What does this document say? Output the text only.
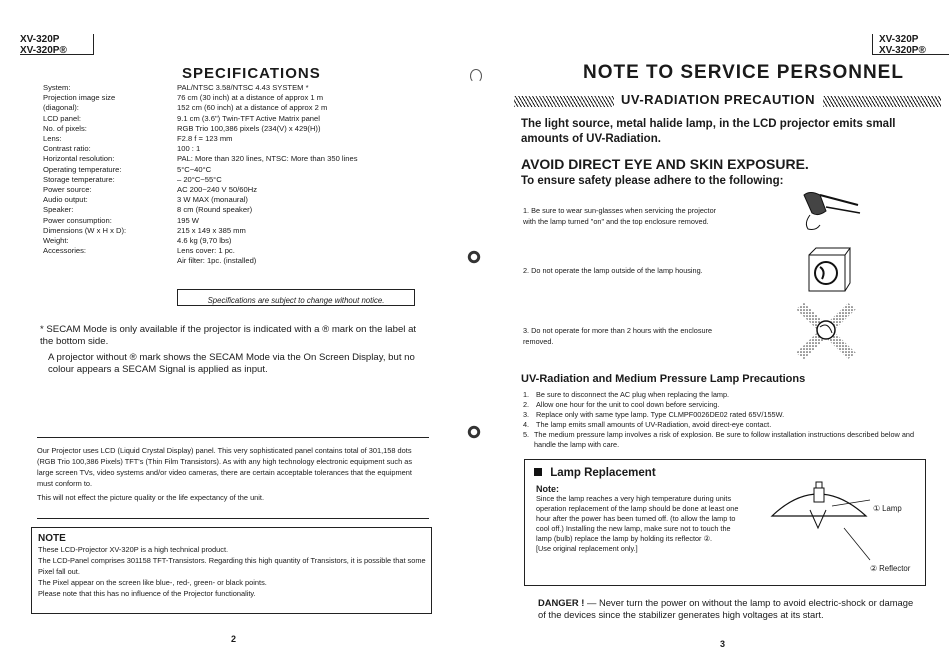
XV-320P
XV-320P®
SPECIFICATIONS
System:
Projection image size
(diagonal):
LCD panel:
No. of pixels:
Lens:
Contrast ratio:
Horizontal resolution:
Operating temperature:
Storage temperature:
Power source:
Audio output:
Speaker:
Power consumption:
Dimensions (W x H x D):
Weight:
Accessories:
PAL/NTSC 3.58/NTSC 4.43 SYSTEM *
76 cm (30 inch) at a distance of approx 1 m
152 cm (60 inch) at a distance of approx 2 m
9.1 cm (3.6") Twin-TFT Active Matrix panel
RGB Trio 100,386 pixels (234(V) x 429(H))
F2.8 f = 123 mm
100 : 1
PAL: More than 320 lines, NTSC: More than 350 lines
5°C~40°C
– 20°C~55°C
AC 200~240 V 50/60Hz
3 W MAX (monaural)
8 cm (Round speaker)
195 W
215 x 149 x 385 mm
4.6 kg (9,70 lbs)
Lens cover: 1 pc.
Air filter: 1pc. (installed)
Specifications are subject to change without notice.
* SECAM Mode is only available if the projector is indicated with a ® mark on the label at the bottom side.
A projector without ® mark shows the SECAM Mode via the On Screen Display, but no colour appears a SECAM Signal is applied as input.
Our Projector uses LCD (Liquid Crystal Display) panel. This very sophisticated panel contains total of 301,158 dots (RGB Trio 100,386 Pixels) TFT's (Thin Film Transistors). As with any high technology electronic equipment such as large screen TVs, video systems and/or video cameras, there are certain acceptable tolerances that the equipment must conform to.
This will not effect the picture quality or the life expectancy of the unit.
NOTE
These LCD-Projector XV-320P is a high technical product.
The LCD-Panel comprises 301158 TFT-Transistors. Regarding this high quantity of Transistors, it is possible that some Pixel fall out.
The Pixel appear on the screen like blue-, red-, green- or black points.
Please note that this has no influence of the Projector functionality.
2
XV-320P
XV-320P®
NOTE TO SERVICE PERSONNEL
UV-RADIATION PRECAUTION
The light source, metal halide lamp, in the LCD projector emits small amounts of UV-Radiation.
AVOID DIRECT EYE AND SKIN EXPOSURE.
To ensure safety please adhere to the following:
1. Be sure to wear sun-glasses when servicing the projector with the lamp turned "on" and the top enclosure removed.
2. Do not operate the lamp outside of the lamp housing.
3. Do not operate for more than 2 hours with the enclosure removed.
UV-Radiation and Medium Pressure Lamp Precautions
1. Be sure to disconnect the AC plug when replacing the lamp.
2. Allow one hour for the unit to cool down before servicing.
3. Replace only with same type lamp. Type CLMPF0026DE02 rated 65V/155W.
4. The lamp emits small amounts of UV-Radiation, avoid direct-eye contact.
5. The medium pressure lamp involves a risk of explosion. Be sure to follow installation instructions described below and handle the lamp with care.
Lamp Replacement
Note:
Since the lamp reaches a very high temperature during units operation replacement of the lamp should be done at least one hour after the power has been turned off. (to allow the lamp to cool off.) Installing the new lamp, make sure not to touch the lamp (bulb) replace the lamp by holding its reflector ②.
[Use original replacement only.]
① Lamp
② Reflector
DANGER ! — Never turn the power on without the lamp to avoid electric-shock or damage of the devices since the stabilizer generates high voltages at its start.
3
